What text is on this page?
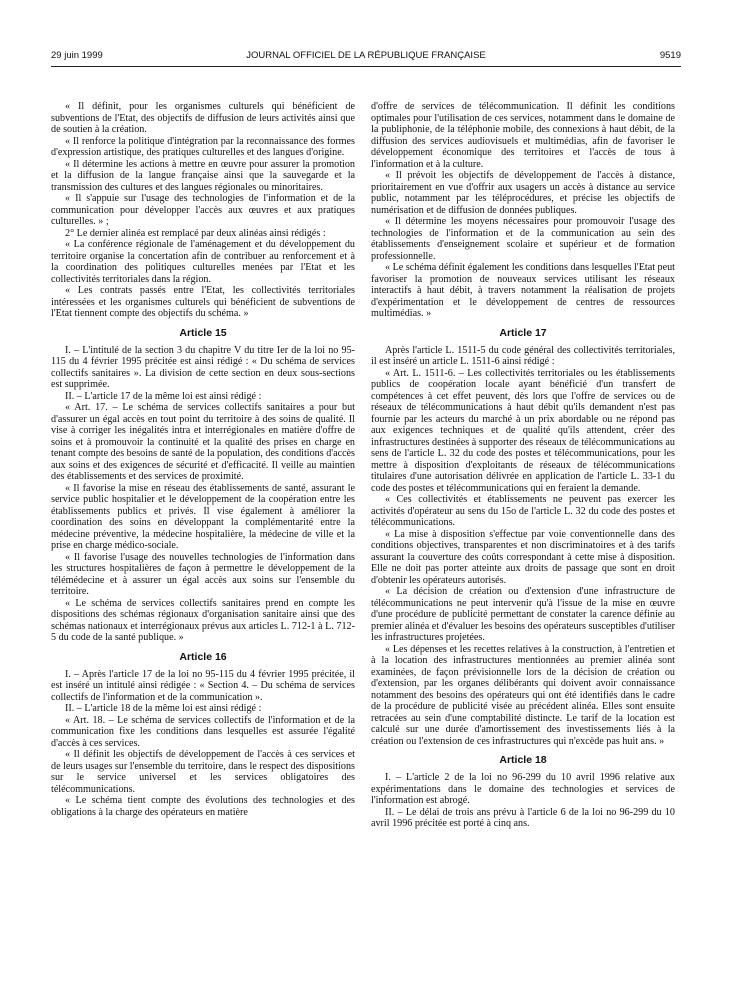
29 juin 1999	JOURNAL OFFICIEL DE LA RÉPUBLIQUE FRANÇAISE	9519

« Il définit, pour les organismes culturels qui bénéficient de subventions de l'Etat, des objectifs de diffusion de leurs activités ainsi que de soutien à la création.

« Il renforce la politique d'intégration par la reconnaissance des formes d'expression artistique, des pratiques culturelles et des langues d'origine.

« Il détermine les actions à mettre en œuvre pour assurer la promotion et la diffusion de la langue française ainsi que la sauvegarde et la transmission des cultures et des langues régionales ou minoritaires.

« Il s'appuie sur l'usage des technologies de l'information et de la communication pour développer l'accès aux œuvres et aux pratiques culturelles. » ;

2° Le dernier alinéa est remplacé par deux alinéas ainsi rédigés :

« La conférence régionale de l'aménagement et du développement du territoire organise la concertation afin de contribuer au renforcement et à la coordination des politiques culturelles menées par l'Etat et les collectivités territoriales dans la région.

« Les contrats passés entre l'Etat, les collectivités territoriales intéressées et les organismes culturels qui bénéficient de subventions de l'Etat tiennent compte des objectifs du schéma. »

Article 15

I. – L'intitulé de la section 3 du chapitre V du titre Ier de la loi no 95-115 du 4 février 1995 précitée est ainsi rédigé : « Du schéma de services collectifs sanitaires ». La division de cette section en deux sous-sections est supprimée.

II. – L'article 17 de la même loi est ainsi rédigé :

« Art. 17. – Le schéma de services collectifs sanitaires a pour but d'assurer un égal accès en tout point du territoire à des soins de qualité. Il vise à corriger les inégalités intra et interrégionales en matière d'offre de soins et à promouvoir la continuité et la qualité des prises en charge en tenant compte des besoins de santé de la population, des conditions d'accès aux soins et des exigences de sécurité et d'efficacité. Il veille au maintien des établissements et des services de proximité.

« Il favorise la mise en réseau des établissements de santé, assurant le service public hospitalier et le développement de la coopération entre les établissements publics et privés. Il vise également à améliorer la coordination des soins en développant la complémentarité entre la médecine préventive, la médecine hospitalière, la médecine de ville et la prise en charge médico-sociale.

« Il favorise l'usage des nouvelles technologies de l'information dans les structures hospitalières de façon à permettre le développement de la télémédecine et à assurer un égal accès aux soins sur l'ensemble du territoire.

« Le schéma de services collectifs sanitaires prend en compte les dispositions des schémas régionaux d'organisation sanitaire ainsi que des schémas nationaux et interrégionaux prévus aux articles L. 712-1 à L. 712-5 du code de la santé publique. »

Article 16

I. – Après l'article 17 de la loi no 95-115 du 4 février 1995 précitée, il est inséré un intitulé ainsi rédigée : « Section 4. – Du schéma de services collectifs de l'information et de la communication ».

II. – L'article 18 de la même loi est ainsi rédigé :

« Art. 18. – Le schéma de services collectifs de l'information et de la communication fixe les conditions dans lesquelles est assurée l'égalité d'accès à ces services.

« Il définit les objectifs de développement de l'accès à ces services et de leurs usages sur l'ensemble du territoire, dans le respect des dispositions sur le service universel et les services obligatoires des télécommunications.

« Le schéma tient compte des évolutions des technologies et des obligations à la charge des opérateurs en matière

d'offre de services de télécommunication. Il définit les conditions optimales pour l'utilisation de ces services, notamment dans le domaine de la publiphonie, de la téléphonie mobile, des connexions à haut débit, de la diffusion des services audiovisuels et multimédias, afin de favoriser le développement économique des territoires et l'accès de tous à l'information et à la culture.

« Il prévoit les objectifs de développement de l'accès à distance, prioritairement en vue d'offrir aux usagers un accès à distance au service public, notamment par les téléprocédures, et précise les objectifs de numérisation et de diffusion de données publiques.

« Il détermine les moyens nécessaires pour promouvoir l'usage des technologies de l'information et de la communication au sein des établissements d'enseignement scolaire et supérieur et de formation professionnelle.

« Le schéma définit également les conditions dans lesquelles l'Etat peut favoriser la promotion de nouveaux services utilisant les réseaux interactifs à haut débit, à travers notamment la réalisation de projets d'expérimentation et le développement de centres de ressources multimédias. »

Article 17

Après l'article L. 1511-5 du code général des collectivités territoriales, il est inséré un article L. 1511-6 ainsi rédigé :

« Art. L. 1511-6. – Les collectivités territoriales ou les établissements publics de coopération locale ayant bénéficié d'un transfert de compétences à cet effet peuvent, dès lors que l'offre de services ou de réseaux de télécommunications à haut débit qu'ils demandent n'est pas fournie par les acteurs du marché à un prix abordable ou ne répond pas aux exigences techniques et de qualité qu'ils attendent, créer des infrastructures destinées à supporter des réseaux de télécommunications au sens de l'article L. 32 du code des postes et télécommunications, pour les mettre à disposition d'exploitants de réseaux de télécommunications titulaires d'une autorisation délivrée en application de l'article L. 33-1 du code des postes et télécommunications qui en feraient la demande.

« Ces collectivités et établissements ne peuvent pas exercer les activités d'opérateur au sens du 15o de l'article L. 32 du code des postes et télécommunications.

« La mise à disposition s'effectue par voie conventionnelle dans des conditions objectives, transparentes et non discriminatoires et à des tarifs assurant la couverture des coûts correspondant à cette mise à disposition. Elle ne doit pas porter atteinte aux droits de passage que sont en droit d'obtenir les opérateurs autorisés.

« La décision de création ou d'extension d'une infrastructure de télécommunications ne peut intervenir qu'à l'issue de la mise en œuvre d'une procédure de publicité permettant de constater la carence définie au premier alinéa et d'évaluer les besoins des opérateurs susceptibles d'utiliser les infrastructures projetées.

« Les dépenses et les recettes relatives à la construction, à l'entretien et à la location des infrastructures mentionnées au premier alinéa sont examinées, de façon prévisionnelle lors de la décision de création ou d'extension, par les organes délibérants qui doivent avoir connaissance notamment des besoins des opérateurs qui ont été identifiés dans le cadre de la procédure de publicité visée au précédent alinéa. Elles sont ensuite retracées au sein d'une comptabilité distincte. Le tarif de la location est calculé sur une durée d'amortissement des investissements liés à la création ou l'extension de ces infrastructures qui n'excède pas huit ans. »

Article 18

I. – L'article 2 de la loi no 96-299 du 10 avril 1996 relative aux expérimentations dans le domaine des technologies et services de l'information est abrogé.

II. – Le délai de trois ans prévu à l'article 6 de la loi no 96-299 du 10 avril 1996 précitée est porté à cinq ans.
